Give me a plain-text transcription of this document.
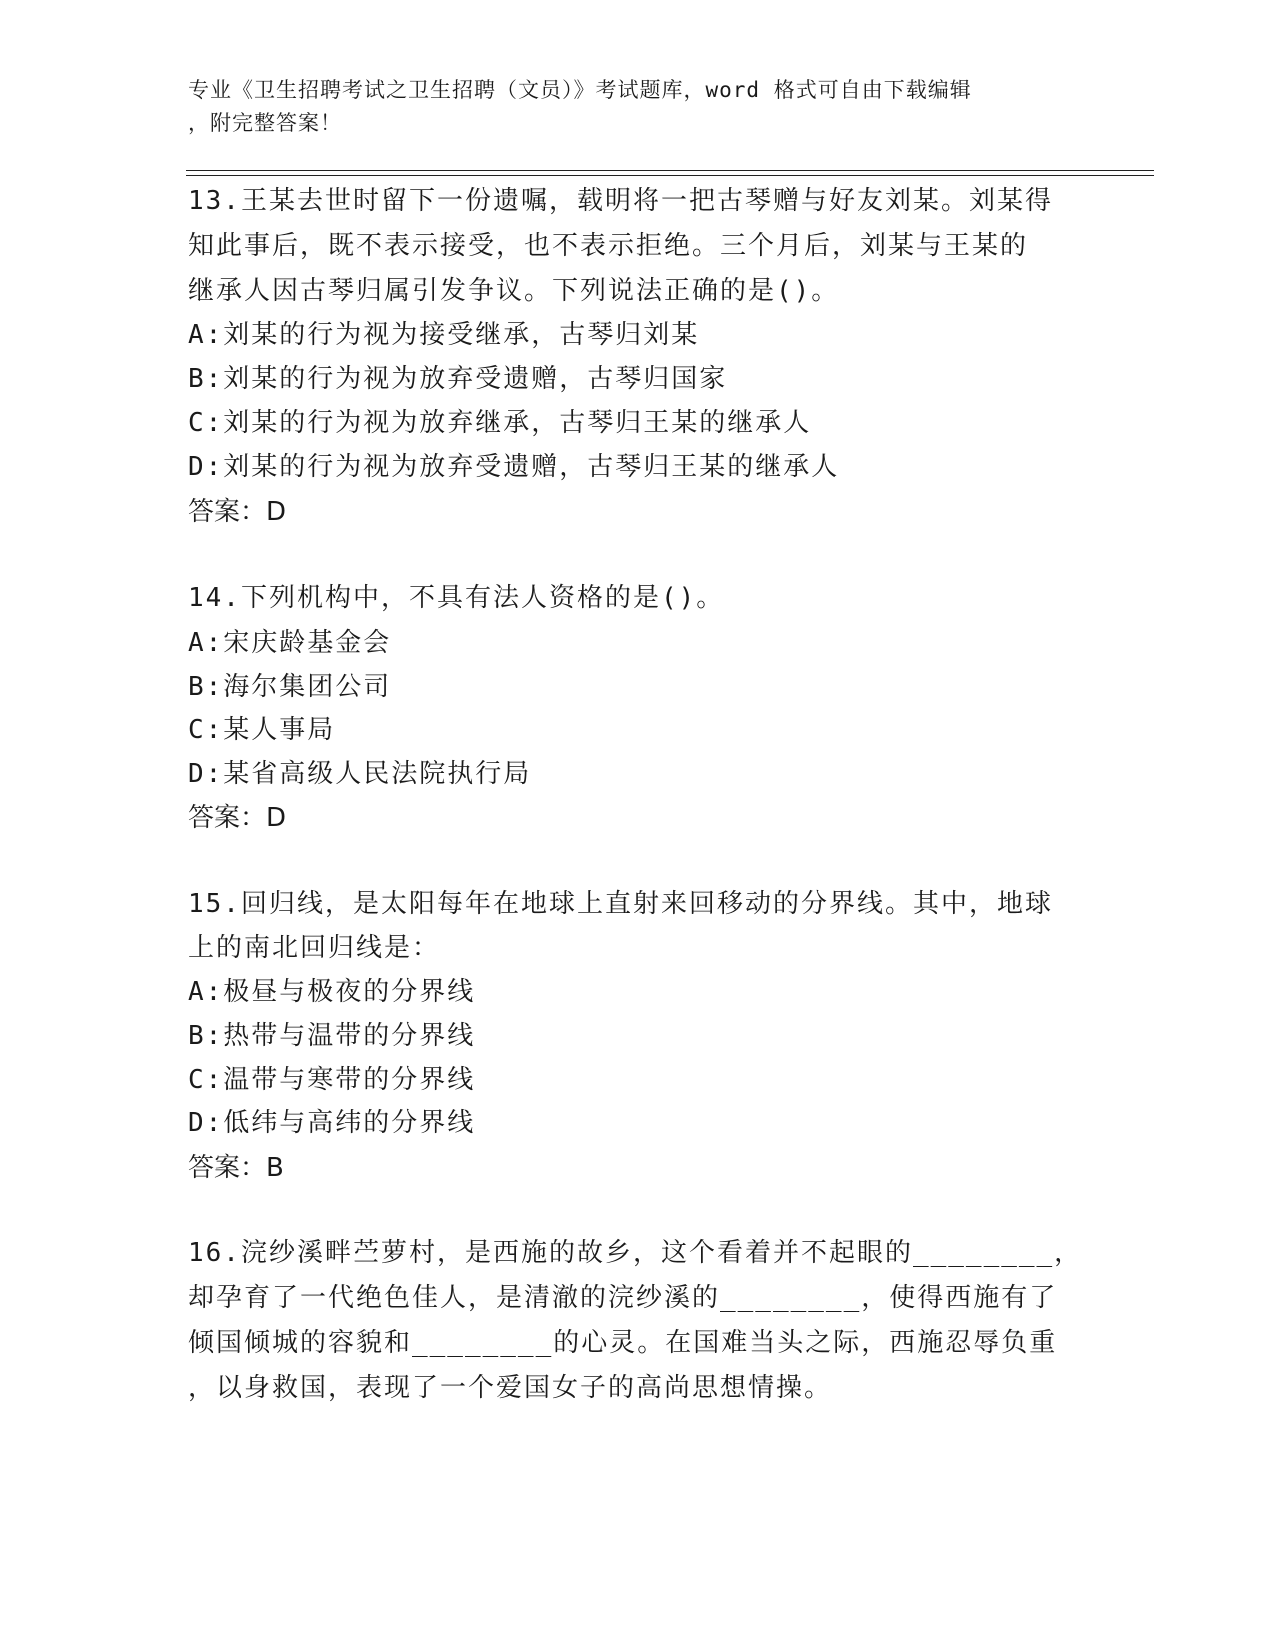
专业《卫生招聘考试之卫生招聘（文员）》考试题库，word 格式可自由下载编辑
，附完整答案！
13.王某去世时留下一份遗嘱，载明将一把古琴赠与好友刘某。刘某得
知此事后，既不表示接受，也不表示拒绝。三个月后，刘某与王某的
继承人因古琴归属引发争议。下列说法正确的是()。
A:刘某的行为视为接受继承，古琴归刘某
B:刘某的行为视为放弃受遗赠，古琴归国家
C:刘某的行为视为放弃继承，古琴归王某的继承人
D:刘某的行为视为放弃受遗赠，古琴归王某的继承人
答案：D
14.下列机构中，不具有法人资格的是()。
A:宋庆龄基金会
B:海尔集团公司
C:某人事局
D:某省高级人民法院执行局
答案：D
15.回归线，是太阳每年在地球上直射来回移动的分界线。其中，地球
上的南北回归线是：
A:极昼与极夜的分界线
B:热带与温带的分界线
C:温带与寒带的分界线
D:低纬与高纬的分界线
答案：B
16.浣纱溪畔苎萝村，是西施的故乡，这个看着并不起眼的________，
却孕育了一代绝色佳人，是清澈的浣纱溪的________，使得西施有了
倾国倾城的容貌和________的心灵。在国难当头之际，西施忍辱负重
，以身救国，表现了一个爱国女子的高尚思想情操。
